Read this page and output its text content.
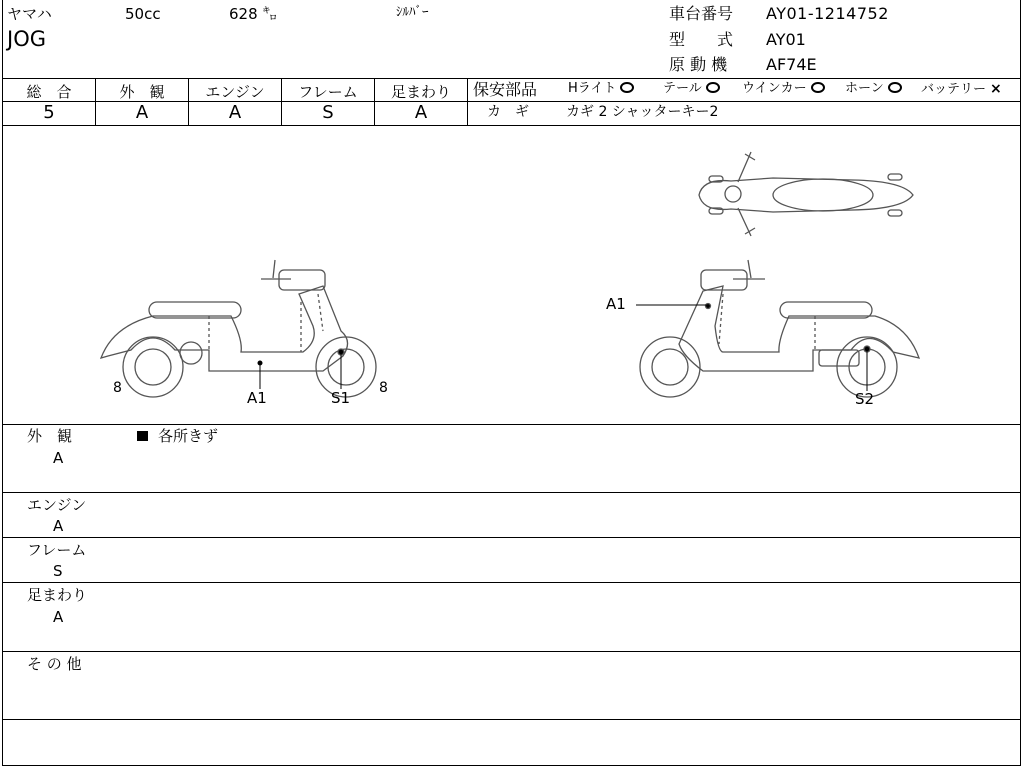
ヤマハ	50cc	628 ㌔	ｼﾙﾊﾞｰ
JOG
車台番号 AY01-1214752
型　　式 AY01
原 動 機 AF74E
総　合	外　観	エンジン	フレーム	足まわり
5	A	A	S	A
保安部品 Hライト	テール	ウインカー	ホーン	バッテリー ×
カ　ギ	カギ 2 シャッターキー2
8
A1	S1
8
A1
S2
外　観	各所きず
A
エンジン
A
フレーム
S
足まわり
A
そ の 他
